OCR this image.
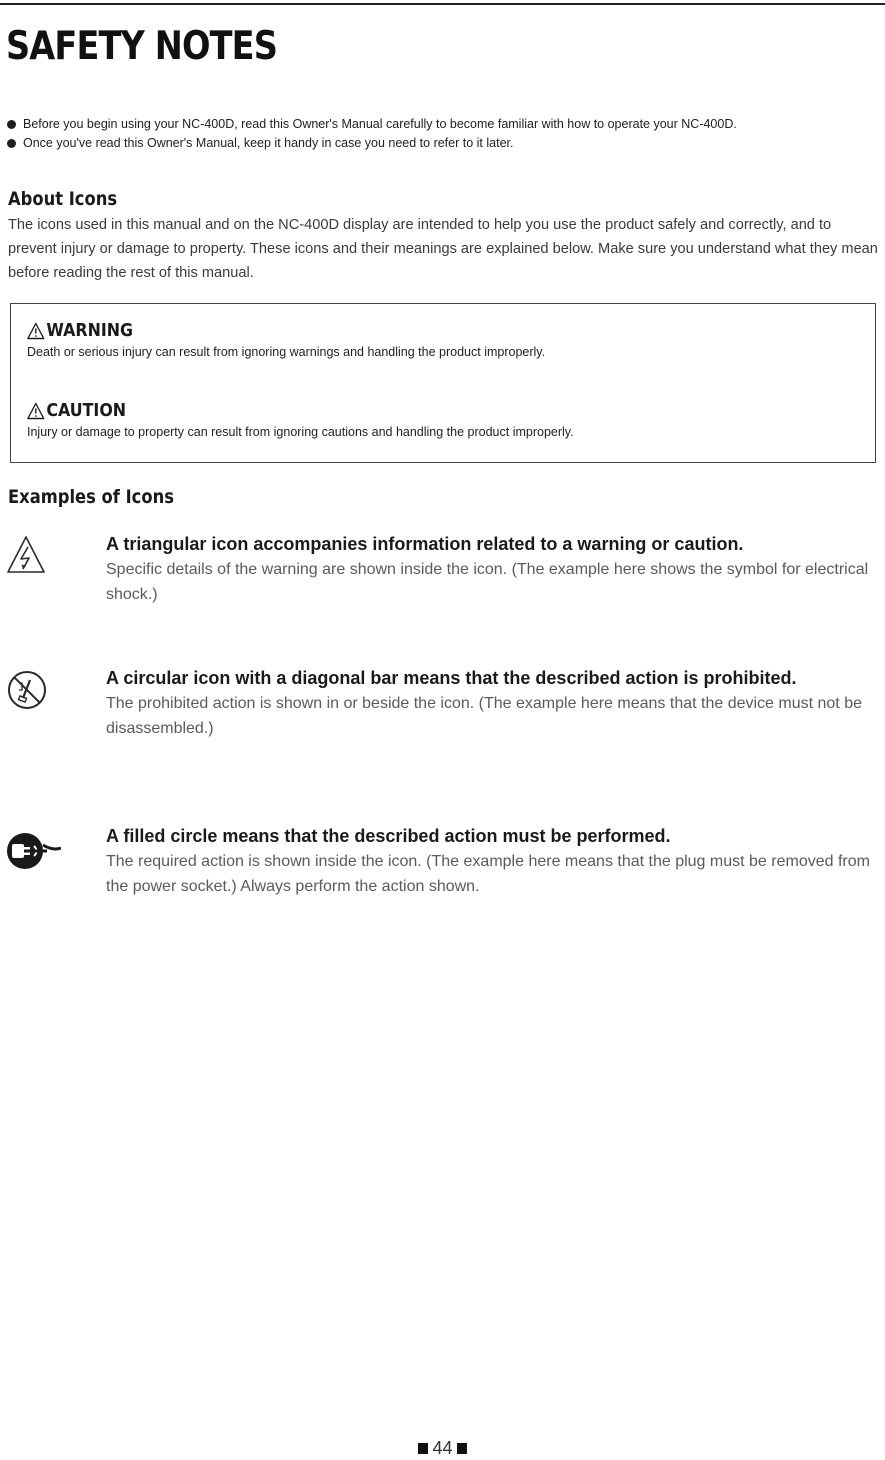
SAFETY NOTES
Before you begin using your NC-400D, read this Owner's Manual carefully to become familiar with how to operate your NC-400D.
Once you've read this Owner's Manual, keep it handy in case you need to refer to it later.
About Icons

The icons used in this manual and on the NC-400D display are intended to help you use the product safely and correctly, and to prevent injury or damage to property. These icons and their meanings are explained below. Make sure you understand what they mean before reading the rest of this manual.

WARNING
Death or serious injury can result from ignoring warnings and handling the product improperly.
CAUTION
Injury or damage to property can result from ignoring cautions and handling the product improperly.
Examples of Icons

A triangular icon accompanies information related to a warning or caution.

Specific details of the warning are shown inside the icon. (The example here shows the symbol for electrical shock.)

A circular icon with a diagonal bar means that the described action is prohibited.

The prohibited action is shown in or beside the icon. (The example here means that the device must not be disassembled.)

A filled circle means that the described action must be performed.

The required action is shown inside the icon. (The example here means that the plug must be removed from the power socket.) Always perform the action shown.

44
